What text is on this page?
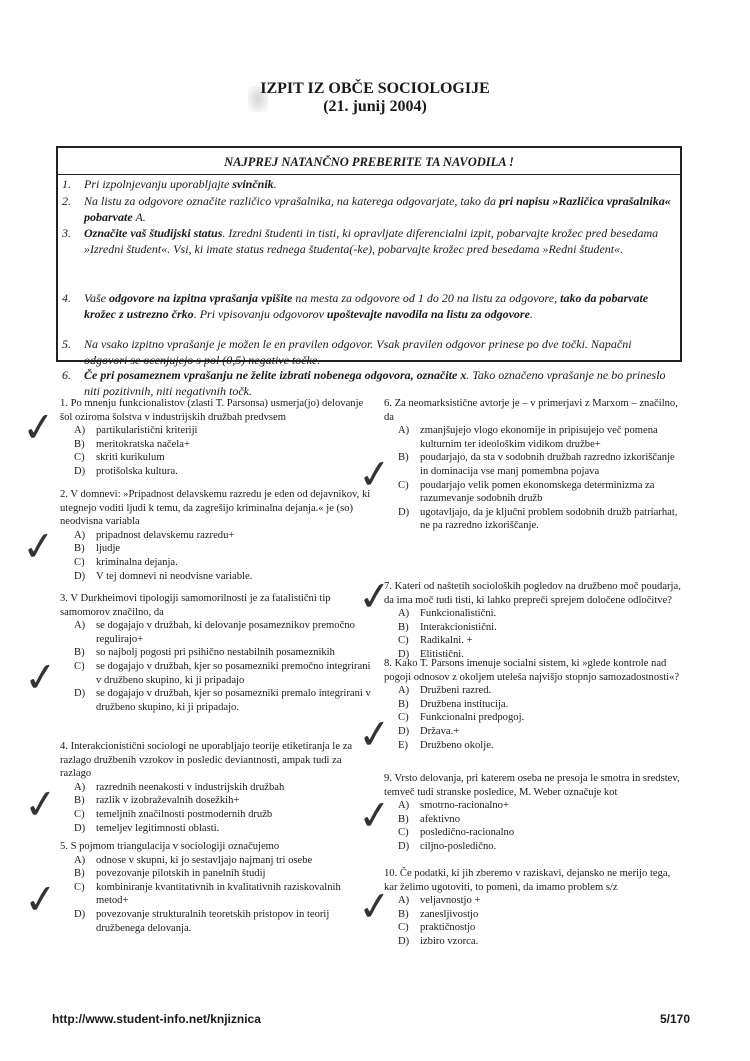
IZPIT IZ OBČE SOCIOLOGIJE
(21. junij 2004)
NAJPREJ NATANČNO PREBERITE TA NAVODILA !
1. Pri izpolnjevanju uporabljajte svinčnik.
2. Na listu za odgovore označite različico vprašalnika, na katerega odgovarjate, tako da pri napisu »Različica vprašalnika« pobarvate A.
3. Označite vaš študijski status. Izredni študenti in tisti, ki opravljate diferencialni izpit, pobarvajte krožec pred besedama »Izredni študent«. Vsi, ki imate status rednega študenta(-ke), pobarvajte krožec pred besedama »Redni študent«.
4. Vaše odgovore na izpitna vprašanja vpišite na mesta za odgovore od 1 do 20 na listu za odgovore, tako da pobarvate krožec z ustrezno črko. Pri vpisovanju odgovorov upoštevajte navodila na listu za odgovore.
5. Na vsako izpitno vprašanje je možen le en pravilen odgovor. Vsak pravilen odgovor prinese po dve točki. Napačni odgovori se ocenjujejo s pol (0,5) negative točke.
6. Če pri posameznem vprašanju ne želite izbrati nobenega odgovora, označite x. Tako označeno vprašanje ne bo prineslo niti pozitivnih, niti negativnih točk.
1. Po mnenju funkcionalistov (zlasti T. Parsonsa) usmerja(jo) delovanje šol oziroma šolstva v industrijskih družbah predvsem
A) partikularistični kriteriji
B) meritokratska načela+
C) skriti kurikulum
D) protišolska kultura.
2. V domnevi: »Pripadnost delavskemu razredu je eden od dejavnikov, ki utegnejo voditi ljudi k temu, da zagrešijo kriminalna dejanja.« je (so) neodvisna variabla
A) pripadnost delavskemu razredu+
B) ljudje
C) kriminalna dejanja.
D) V tej domnevi ni neodvisne variable.
3. V Durkheimovi tipologiji samomorilnosti je za fatalistični tip samomorov značilno, da
A) se dogajajo v družbah, ki delovanje posameznikov premočno regulirajo+
B) so najbolj pogosti pri psihično nestabilnih posameznikih
C) se dogajajo v družbah, kjer so posamezniki premočno integrirani v družbeno skupino, ki ji pripadajo
D) se dogajajo v družbah, kjer so posamezniki premalo integrirani v družbeno skupino, ki ji pripadajo.
4. Interakcionistični sociologi ne uporabljajo teorije etiketiranja le za razlago družbenih vzrokov in posledic deviantnosti, ampak tudi za razlago
A) razrednih neenakosti v industrijskih družbah
B) razlik v izobraževalnih dosežkih+
C) temeljnih značilnosti postmodernih družb
D) temeljev legitimnosti oblasti.
5. S pojmom triangulacija v sociologiji označujemo
A) odnose v skupni, ki jo sestavljajo najmanj tri osebe
B) povezovanje pilotskih in panelnih študij
C) kombiniranje kvantitativnih in kvalitativnih raziskovalnih metod+
D) povezovanje strukturalnih teoretskih pristopov in teorij družbenega delovanja.
6. Za neomarksistične avtorje je – v primerjavi z Marxom – značilno, da
A) zmanjšujejo vlogo ekonomije in pripisujejo več pomena kulturnim ter ideološkim vidikom družbe+
B) poudarjajo, da sta v sodobnih družbah razredno izkoriščanje in dominacija vse manj pomembna pojava
C) poudarjajo velik pomen ekonomskega determinizma za razumevanje sodobnih družb
D) ugotavljajo, da je ključni problem sodobnih družb patriarhat, ne pa razredno izkoriščanje.
7. Kateri od naštetih socioloških pogledov na družbeno moč poudarja, da ima moč tudi tisti, ki lahko prepreči sprejem določene odločitve?
A) Funkcionalistični.
B) Interakcionistični.
C) Radikalni. +
D) Elitistični.
8. Kako T. Parsons imenuje socialni sistem, ki »glede kontrole nad pogoji odnosov z okoljem uteleša najvišjo stopnjo samozadostnosti«?
A) Družbeni razred.
B) Družbena institucija.
C) Funkcionalni predpogoj.
D) Država.+
E) Družbeno okolje.
9. Vrsto delovanja, pri katerem oseba ne presoja le smotra in sredstev, temveč tudi stranske posledice, M. Weber označuje kot
A) smotrno-racionalno+
B) afektivno
C) posledično-racionalno
D) ciljno-posledično.
10. Če podatki, ki jih zberemo v raziskavi, dejansko ne merijo tega, kar želimo ugotoviti, to pomeni, da imamo problem s/z
A) veljavnostjo +
B) zanesljivostjo
C) praktičnostjo
D) izbiro vzorca.
✓
✓
✓
✓
✓
✓
✓
✓
✓
✓
http://www.student-info.net/knjiznica	5/170
